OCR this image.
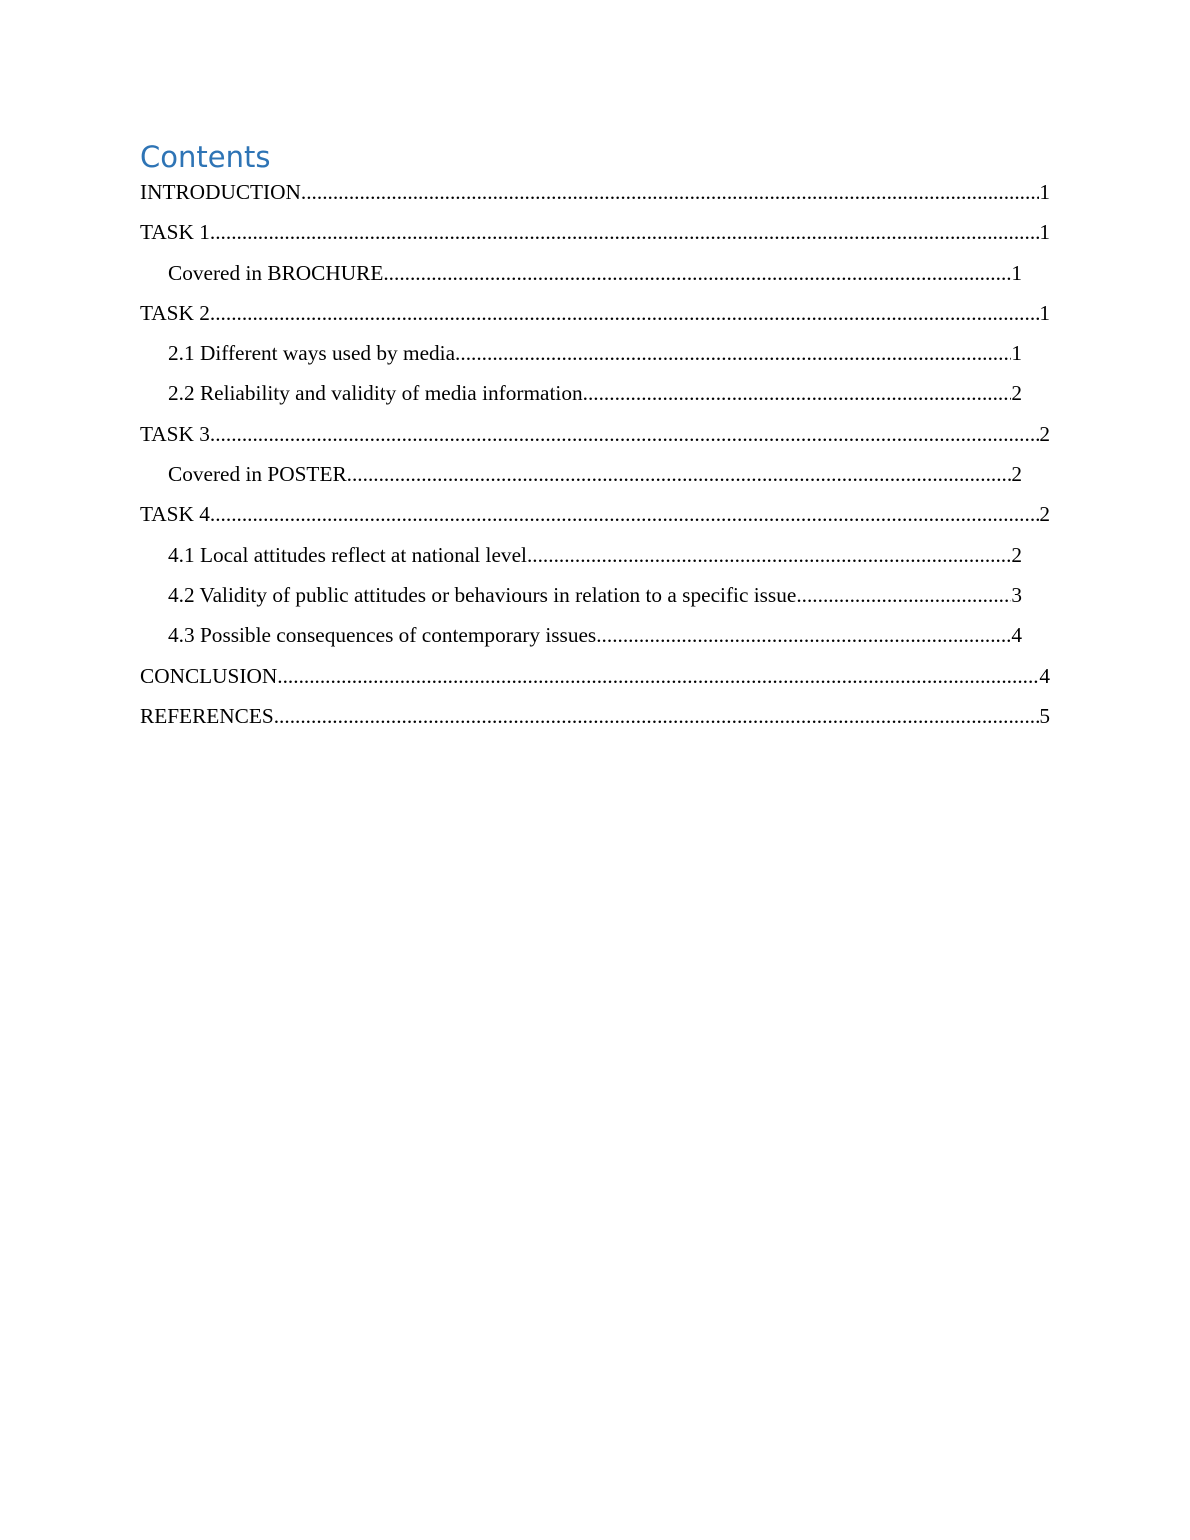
Contents
INTRODUCTION .....	1
TASK 1 .....	1
Covered in BROCHURE .....	1
TASK 2 .....	1
2.1 Different ways used by media .....	1
2.2 Reliability and validity of media information .....	2
TASK 3 .....	2
Covered in POSTER .....	2
TASK 4 .....	2
4.1 Local attitudes reflect at national level .....	2
4.2 Validity of public attitudes or behaviours in relation to a specific issue .....	3
4.3 Possible consequences of contemporary issues .....	4
CONCLUSION .....	4
REFERENCES .....	5
